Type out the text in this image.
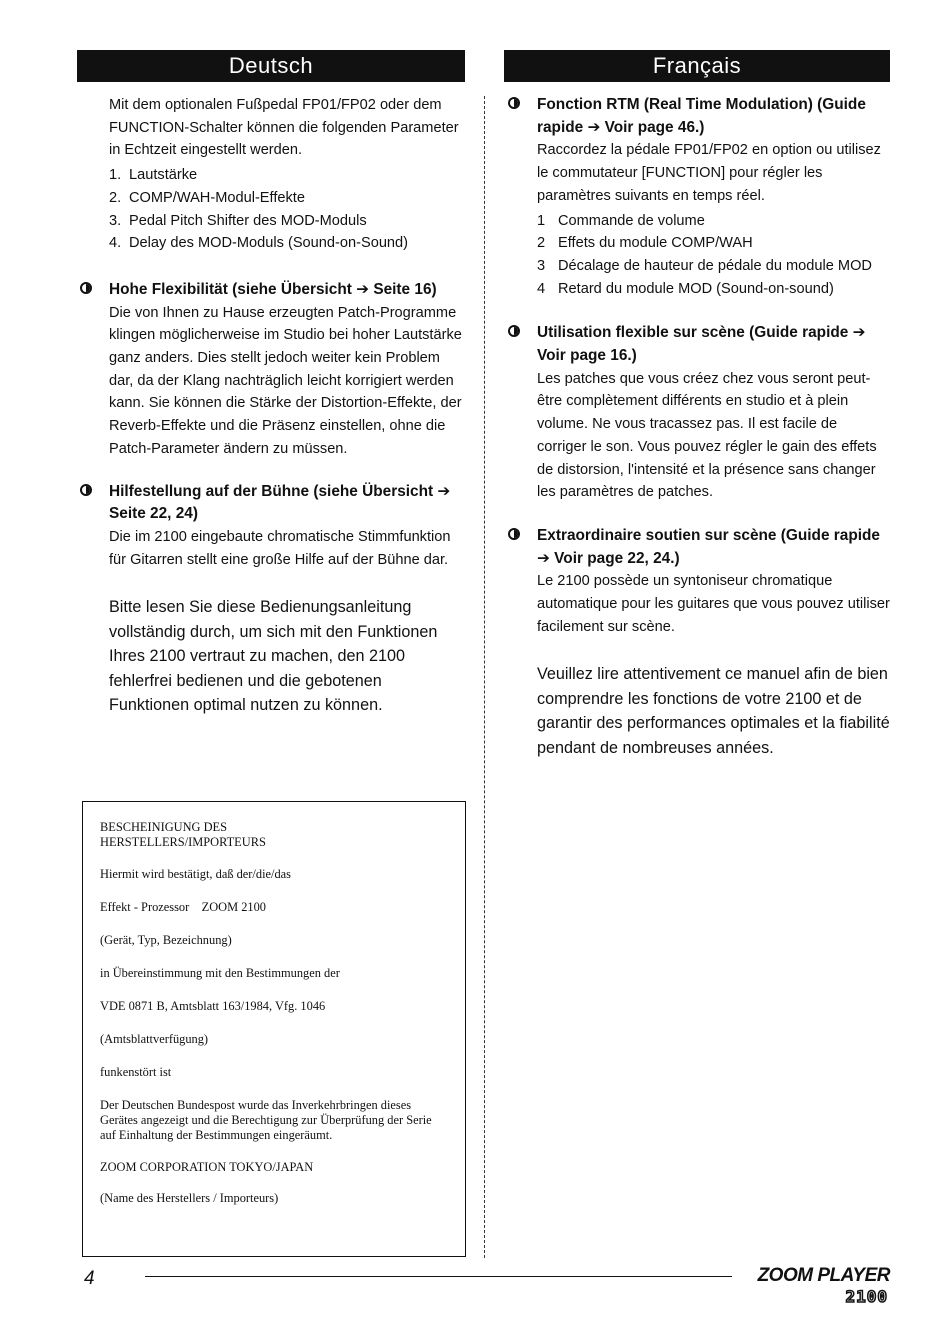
Deutsch

Mit dem optionalen Fußpedal FP01/FP02 oder dem FUNCTION-Schalter können die folgenden Parameter in Echtzeit eingestellt werden.

1. Lautstärke
2. COMP/WAH-Modul-Effekte
3. Pedal Pitch Shifter des MOD-Moduls
4. Delay des MOD-Moduls (Sound-on-Sound)
Hohe Flexibilität (siehe Übersicht ➔ Seite 16)

Die von Ihnen zu Hause erzeugten Patch-Programme klingen möglicherweise im Studio bei hoher Lautstärke ganz anders. Dies stellt jedoch weiter kein Problem dar, da der Klang nachträglich leicht korrigiert werden kann. Sie können die Stärke der Distortion-Effekte, der Reverb-Effekte und die Präsenz einstellen, ohne die Patch-Parameter ändern zu müssen.

Hilfestellung auf der Bühne (siehe Übersicht ➔ Seite 22, 24)

Die im 2100 eingebaute chromatische Stimmfunktion für Gitarren stellt eine große Hilfe auf der Bühne dar.

Bitte lesen Sie diese Bedienungsanleitung vollständig durch, um sich mit den Funktionen Ihres 2100 vertraut zu machen, den 2100 fehlerfrei bedienen und die gebotenen Funktionen optimal nutzen zu können.

Français
Fonction RTM (Real Time Modulation) (Guide rapide ➔ Voir page 46.)

Raccordez la pédale FP01/FP02 en option ou utilisez le commutateur [FUNCTION] pour régler les paramètres suivants en temps réel.

1 Commande de volume
2 Effets du module COMP/WAH
3 Décalage de hauteur de pédale du module MOD
4 Retard du module MOD (Sound-on-sound)
Utilisation flexible sur scène (Guide rapide ➔ Voir page 16.)

Les patches que vous créez chez vous seront peut-être complètement différents en studio et à plein volume. Ne vous tracassez pas. Il est facile de corriger le son. Vous pouvez régler le gain des effets de distorsion, l'intensité et la présence sans changer les paramètres de patches.

Extraordinaire soutien sur scène (Guide rapide ➔ Voir page 22, 24.)

Le 2100 possède un syntoniseur chromatique automatique pour les guitares que vous pouvez utiliser facilement sur scène.

Veuillez lire attentivement ce manuel afin de bien comprendre les fonctions de votre 2100 et de garantir des performances optimales et la fiabilité pendant de nombreuses années.

BESCHEINIGUNG DES
HERSTELLERS/IMPORTEURS

Hiermit wird bestätigt, daß der/die/das

Effekt - Prozessor ZOOM 2100

(Gerät, Typ, Bezeichnung)

in Übereinstimmung mit den Bestimmungen der

VDE 0871 B, Amtsblatt 163/1984, Vfg. 1046

(Amtsblattverfügung)

funkenstört ist

Der Deutschen Bundespost wurde das Inverkehrbringen dieses Gerätes angezeigt und die Berechtigung zur Überprüfung der Serie auf Einhaltung der Bestimmungen eingeräumt.

ZOOM CORPORATION TOKYO/JAPAN

(Name des Herstellers / Importeurs)

4	ZOOM PLAYER
2100
